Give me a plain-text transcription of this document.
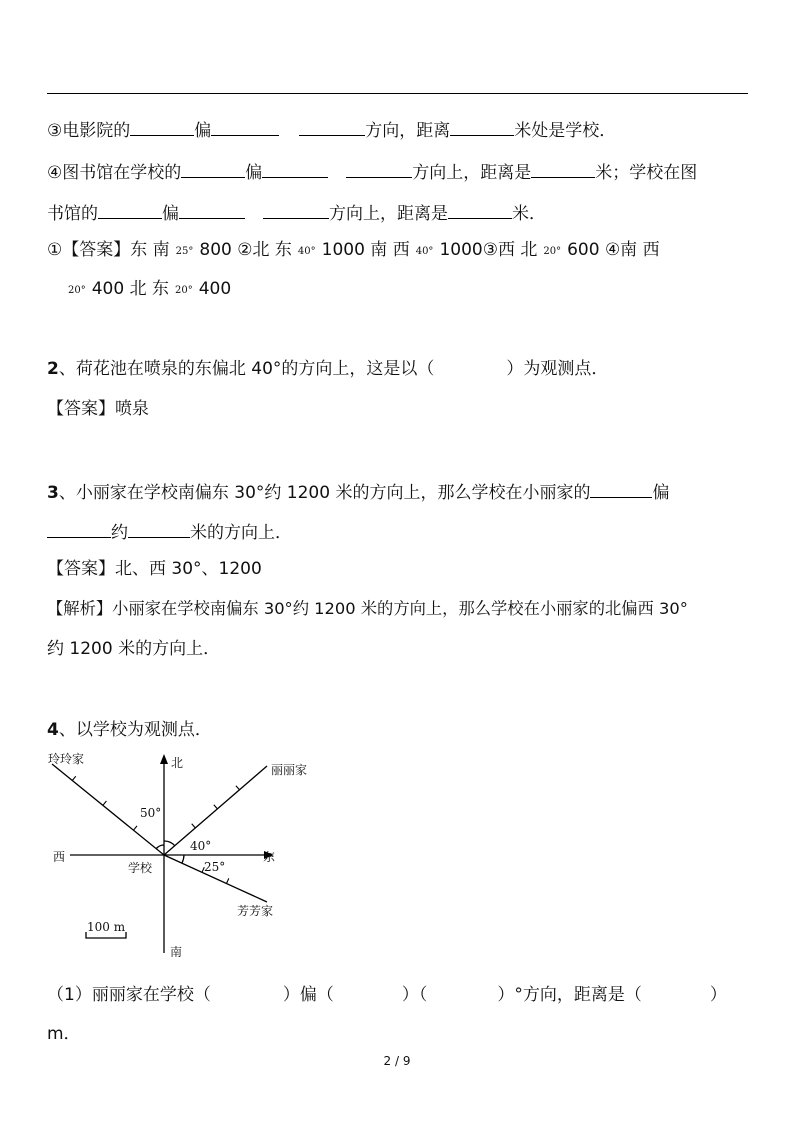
③电影院的	偏	方向，距离	米处是学校．
④图书馆在学校的	偏	方向上，距离是	米；学校在图
书馆的	偏	方向上，距离是	米．
①【答案】东 南 25° 800 ②北 东 40° 1000 南 西 40° 1000③西 北 20° 600 ④南 西
20° 400 北 东 20° 400
2、荷花池在喷泉的东偏北 40°的方向上，这是以（	）为观测点．
【答案】喷泉
3、小丽家在学校南偏东 30°约 1200 米的方向上，那么学校在小丽家的	偏
约	米的方向上．
【答案】北、西 30°、1200
【解析】小丽家在学校南偏东 30°约 1200 米的方向上，那么学校在小丽家的北偏西 30°
约 1200 米的方向上．
4、以学校为观测点．
北
南
东
西
学校
玲玲家
丽丽家
芳芳家
50°
40°
25°
100 m
（1）丽丽家在学校（	）偏（	）（	）°方向，距离是（	）
m．
2 / 9
